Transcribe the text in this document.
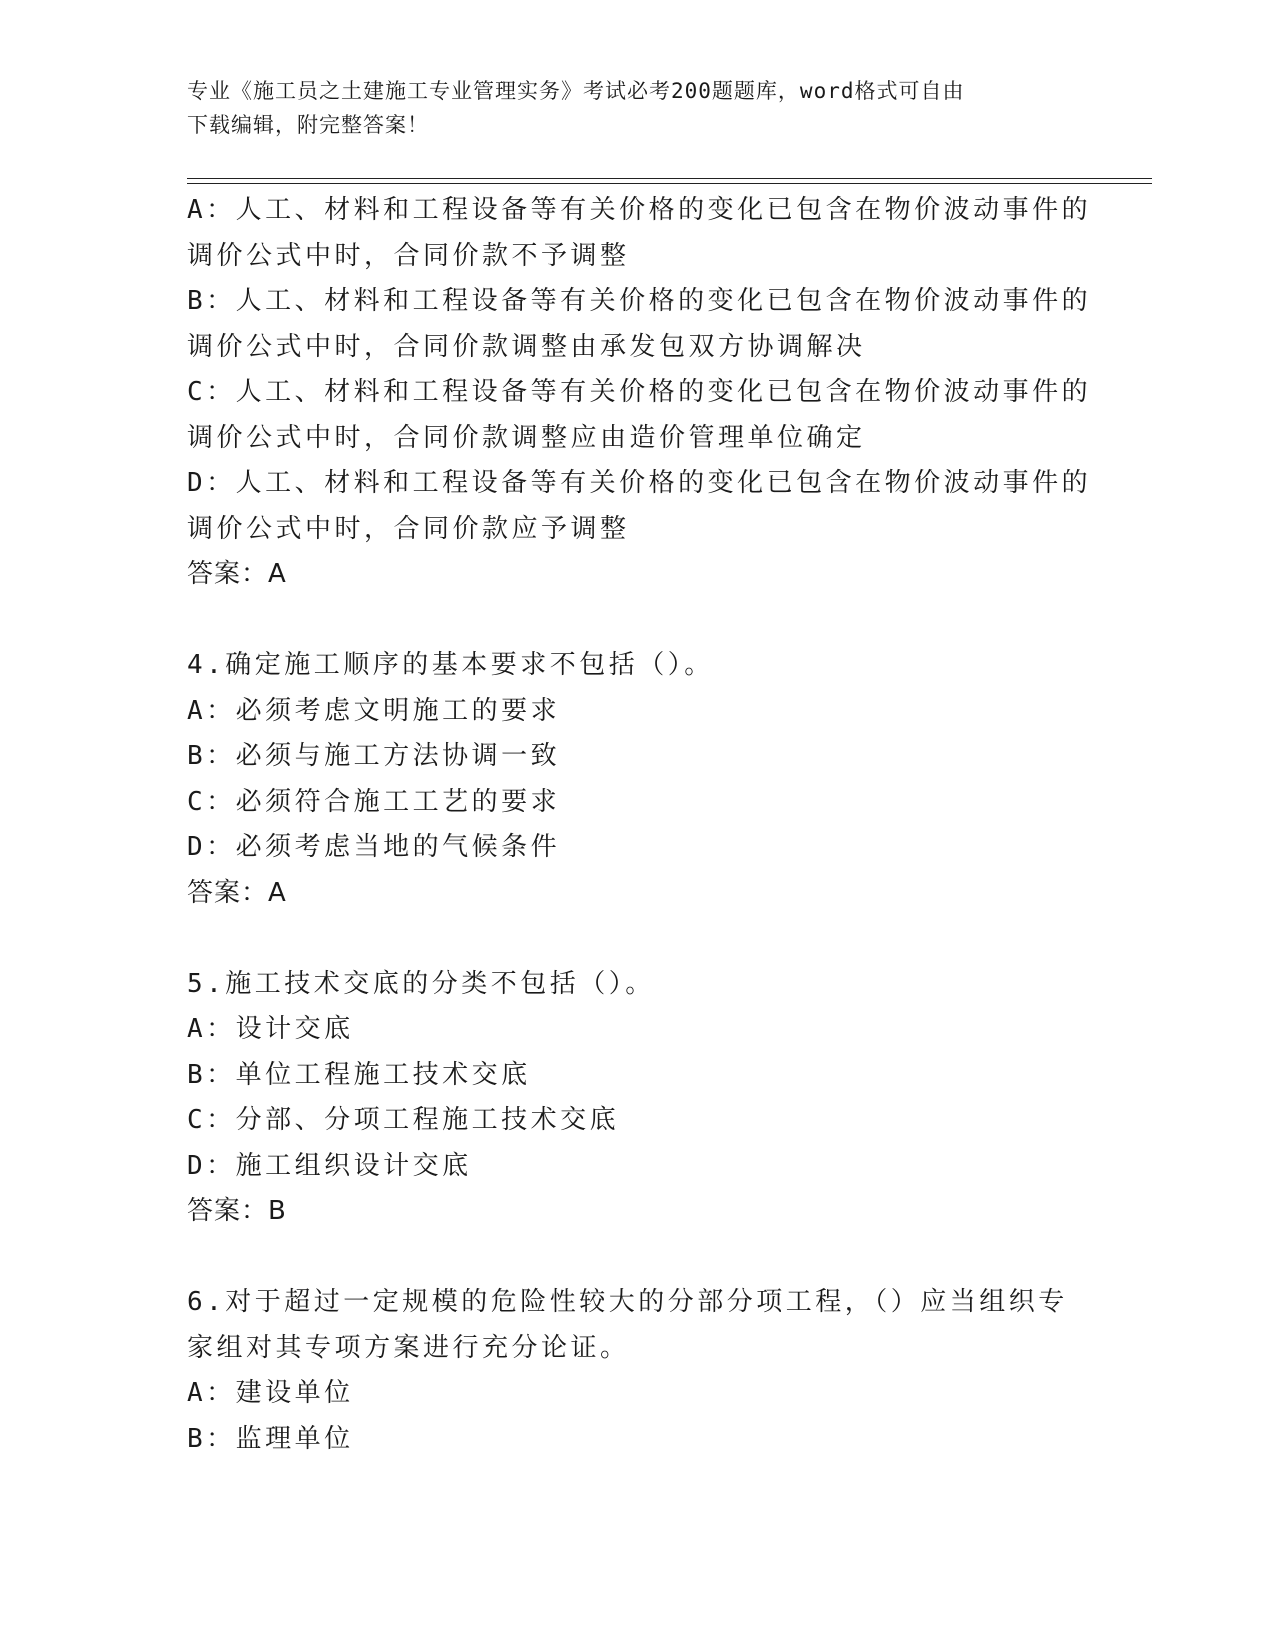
专业《施工员之土建施工专业管理实务》考试必考200题题库，word格式可自由
下载编辑，附完整答案！
A：人工、材料和工程设备等有关价格的变化已包含在物价波动事件的
调价公式中时，合同价款不予调整
B：人工、材料和工程设备等有关价格的变化已包含在物价波动事件的
调价公式中时，合同价款调整由承发包双方协调解决
C：人工、材料和工程设备等有关价格的变化已包含在物价波动事件的
调价公式中时，合同价款调整应由造价管理单位确定
D：人工、材料和工程设备等有关价格的变化已包含在物价波动事件的
调价公式中时，合同价款应予调整
答案：A
4.确定施工顺序的基本要求不包括（）。
A：必须考虑文明施工的要求
B：必须与施工方法协调一致
C：必须符合施工工艺的要求
D：必须考虑当地的气候条件
答案：A
5.施工技术交底的分类不包括（）。
A：设计交底
B：单位工程施工技术交底
C：分部、分项工程施工技术交底
D：施工组织设计交底
答案：B
6.对于超过一定规模的危险性较大的分部分项工程，（）应当组织专
家组对其专项方案进行充分论证。
A：建设单位
B：监理单位
